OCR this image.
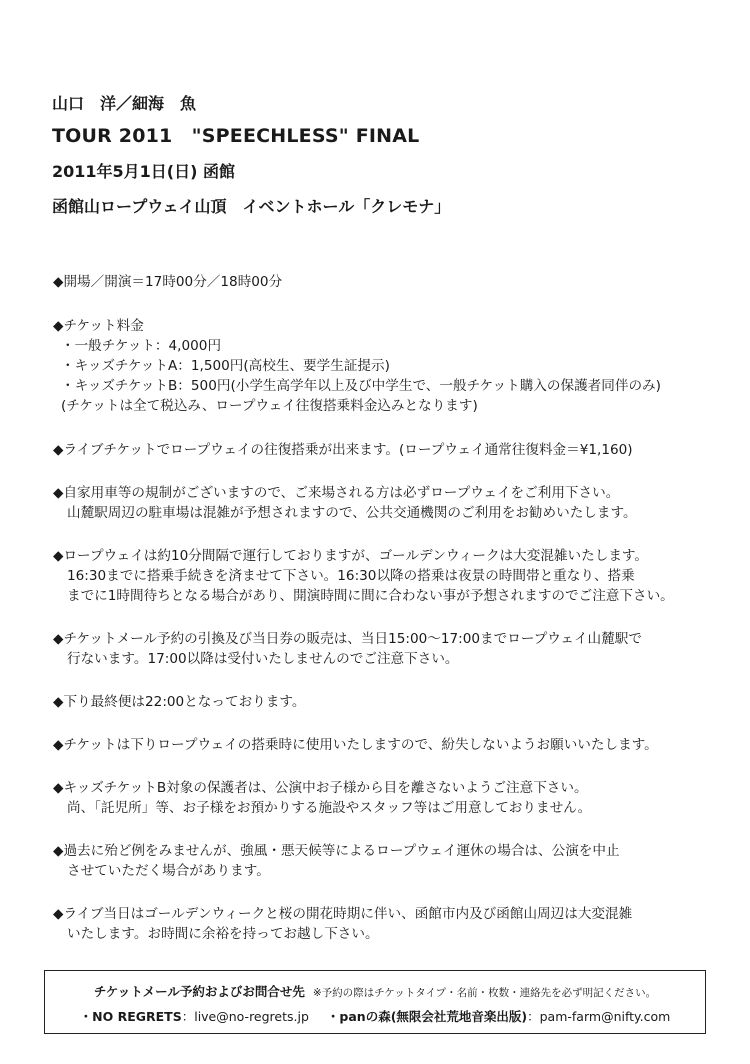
山口　洋／細海　魚

TOUR 2011　"SPEECHLESS" FINAL

2011年5月1日(日) 函館

函館山ロープウェイ山頂　イベントホール「クレモナ」

◆開場／開演＝17時00分／18時00分
◆チケット料金
・一般チケット：4,000円
・キッズチケットA：1,500円(高校生、要学生証提示)
・キッズチケットB：500円(小学生高学年以上及び中学生で、一般チケット購入の保護者同伴のみ)
(チケットは全て税込み、ロープウェイ往復搭乗料金込みとなります)
◆ライブチケットでロープウェイの往復搭乗が出来ます。(ロープウェイ通常往復料金＝¥1,160)
◆自家用車等の規制がございますので、ご来場される方は必ずロープウェイをご利用下さい。
山麓駅周辺の駐車場は混雑が予想されますので、公共交通機関のご利用をお勧めいたします。
◆ロープウェイは約10分間隔で運行しておりますが、ゴールデンウィークは大変混雑いたします。
16:30までに搭乗手続きを済ませて下さい。16:30以降の搭乗は夜景の時間帯と重なり、搭乗
までに1時間待ちとなる場合があり、開演時間に間に合わない事が予想されますのでご注意下さい。
◆チケットメール予約の引換及び当日券の販売は、当日15:00〜17:00までロープウェイ山麓駅で
行ないます。17:00以降は受付いたしませんのでご注意下さい。
◆下り最終便は22:00となっております。
◆チケットは下りロープウェイの搭乗時に使用いたしますので、紛失しないようお願いいたします。
◆キッズチケットB対象の保護者は、公演中お子様から目を離さないようご注意下さい。
尚、「託児所」等、お子様をお預かりする施設やスタッフ等はご用意しておりません。
◆過去に殆ど例をみませんが、強風・悪天候等によるロープウェイ運休の場合は、公演を中止
させていただく場合があります。
◆ライブ当日はゴールデンウィークと桜の開花時期に伴い、函館市内及び函館山周辺は大変混雑
いたします。お時間に余裕を持ってお越し下さい。
チケットメール予約およびお問合せ先 ※予約の際はチケットタイプ・名前・枚数・連絡先を必ず明記ください。
・NO REGRETS：live@no-regrets.jp ・panの森(無限会社荒地音楽出版)：pam-farm@nifty.com
